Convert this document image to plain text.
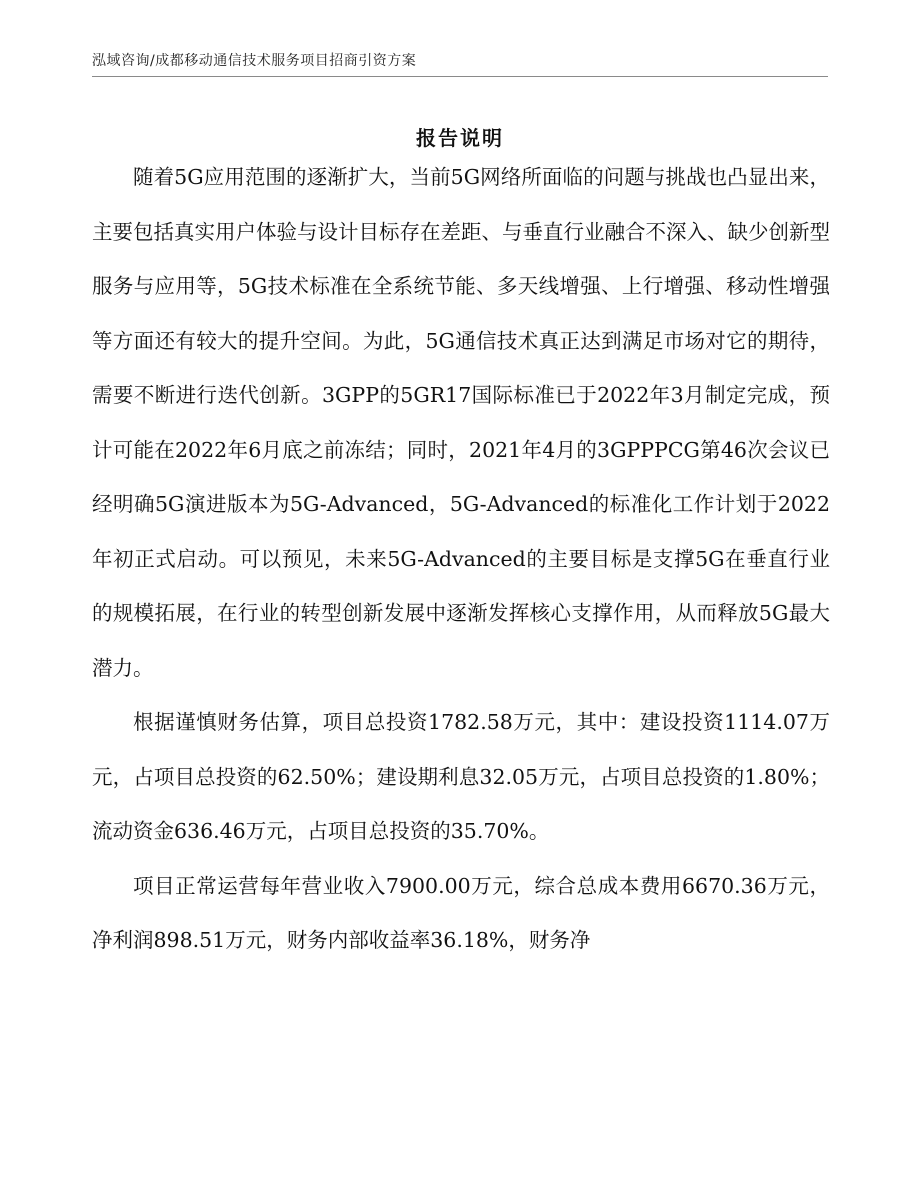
泓域咨询/成都移动通信技术服务项目招商引资方案
报告说明

随着5G应用范围的逐渐扩大，当前5G网络所面临的问题与挑战也凸显出来，主要包括真实用户体验与设计目标存在差距、与垂直行业融合不深入、缺少创新型服务与应用等，5G技术标准在全系统节能、多天线增强、上行增强、移动性增强等方面还有较大的提升空间。为此，5G通信技术真正达到满足市场对它的期待，需要不断进行迭代创新。3GPP的5GR17国际标准已于2022年3月制定完成，预计可能在2022年6月底之前冻结；同时，2021年4月的3GPPPCG第46次会议已经明确5G演进版本为5G-Advanced，5G-Advanced的标准化工作计划于2022年初正式启动。可以预见，未来5G-Advanced的主要目标是支撑5G在垂直行业的规模拓展，在行业的转型创新发展中逐渐发挥核心支撑作用，从而释放5G最大潜力。

根据谨慎财务估算，项目总投资1782.58万元，其中：建设投资1114.07万元，占项目总投资的62.50%；建设期利息32.05万元，占项目总投资的1.80%；流动资金636.46万元，占项目总投资的35.70%。

项目正常运营每年营业收入7900.00万元，综合总成本费用6670.36万元，净利润898.51万元，财务内部收益率36.18%，财务净
